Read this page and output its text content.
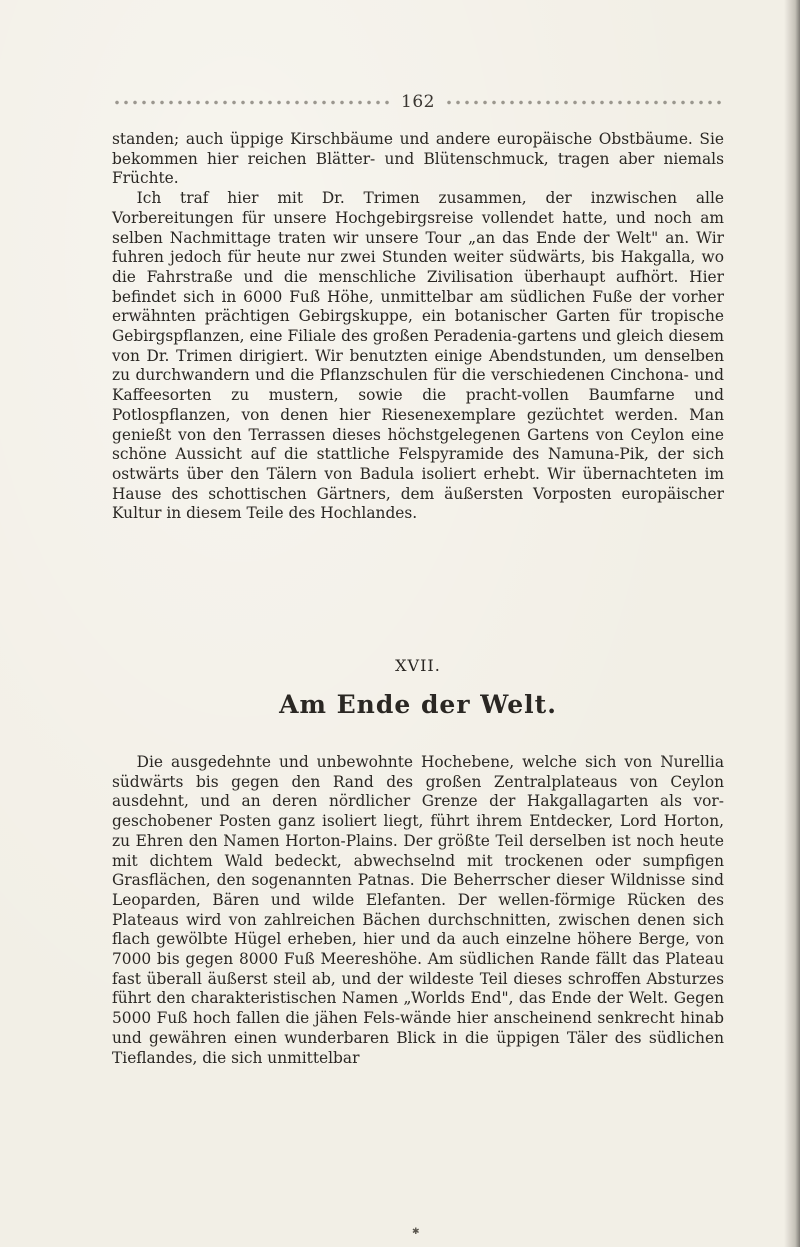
162

standen; auch üppige Kirschbäume und andere europäische Obstbäume. Sie bekommen hier reichen Blätter- und Blütenschmuck, tragen aber niemals Früchte.

Ich traf hier mit Dr. Trimen zusammen, der inzwischen alle Vorbereitungen für unsere Hochgebirgsreise vollendet hatte, und noch am selben Nachmittage traten wir unsere Tour „an das Ende der Welt" an. Wir fuhren jedoch für heute nur zwei Stunden weiter südwärts, bis Hakgalla, wo die Fahrstraße und die menschliche Zivilisation überhaupt aufhört. Hier befindet sich in 6000 Fuß Höhe, unmittelbar am südlichen Fuße der vorher erwähnten prächtigen Gebirgskuppe, ein botanischer Garten für tropische Gebirgspflanzen, eine Filiale des großen Peradenia-gartens und gleich diesem von Dr. Trimen dirigiert. Wir benutzten einige Abendstunden, um denselben zu durchwandern und die Pflanzschulen für die verschiedenen Cinchona- und Kaffeesorten zu mustern, sowie die pracht-vollen Baumfarne und Potlospflanzen, von denen hier Riesenexemplare gezüchtet werden. Man genießt von den Terrassen dieses höchstgelegenen Gartens von Ceylon eine schöne Aussicht auf die stattliche Felspyramide des Namuna-Pik, der sich ostwärts über den Tälern von Badula isoliert erhebt. Wir übernachteten im Hause des schottischen Gärtners, dem äußersten Vorposten europäischer Kultur in diesem Teile des Hochlandes.

XVII.
Am Ende der Welt.

Die ausgedehnte und unbewohnte Hochebene, welche sich von Nurellia südwärts bis gegen den Rand des großen Zentralplateaus von Ceylon ausdehnt, und an deren nördlicher Grenze der Hakgallagarten als vor-geschobener Posten ganz isoliert liegt, führt ihrem Entdecker, Lord Horton, zu Ehren den Namen Horton-Plains. Der größte Teil derselben ist noch heute mit dichtem Wald bedeckt, abwechselnd mit trockenen oder sumpfigen Grasflächen, den sogenannten Patnas. Die Beherrscher dieser Wildnisse sind Leoparden, Bären und wilde Elefanten. Der wellen-förmige Rücken des Plateaus wird von zahlreichen Bächen durchschnitten, zwischen denen sich flach gewölbte Hügel erheben, hier und da auch einzelne höhere Berge, von 7000 bis gegen 8000 Fuß Meereshöhe. Am südlichen Rande fällt das Plateau fast überall äußerst steil ab, und der wildeste Teil dieses schroffen Absturzes führt den charakteristischen Namen „Worlds End", das Ende der Welt. Gegen 5000 Fuß hoch fallen die jähen Fels-wände hier anscheinend senkrecht hinab und gewähren einen wunderbaren Blick in die üppigen Täler des südlichen Tieflandes, die sich unmittelbar

✱
